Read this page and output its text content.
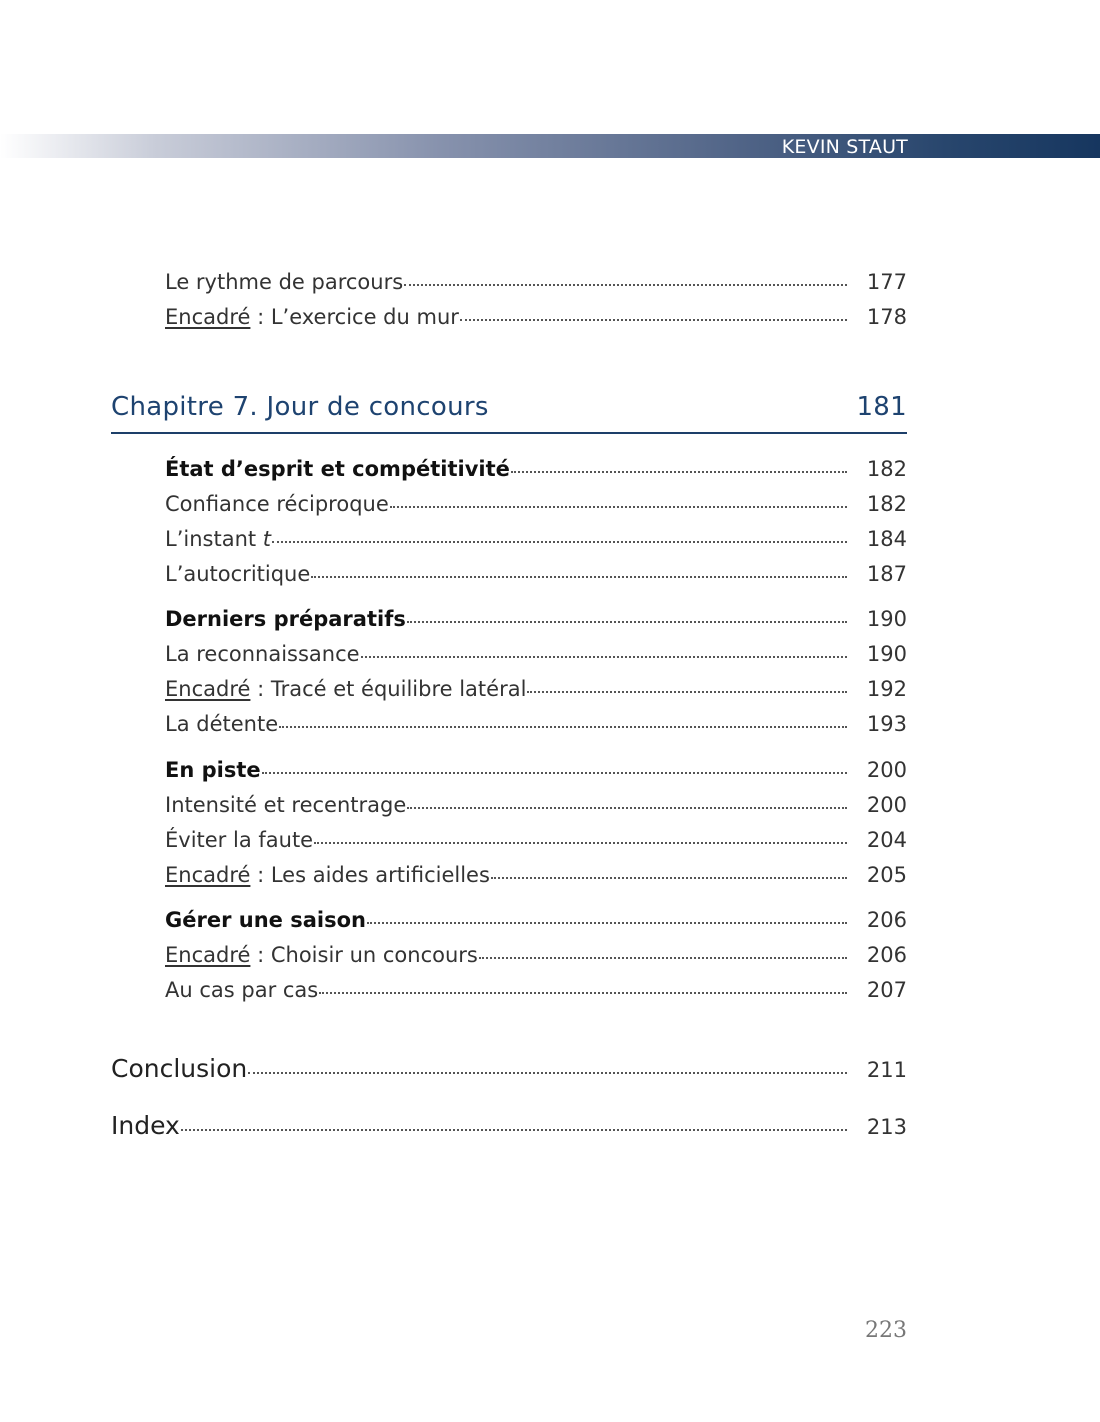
KEVIN STAUT
Le rythme de parcours	177
Encadré : L’exercice du mur	178
Chapitre 7. Jour de concours	181
État d’esprit et compétitivité	182
Confiance réciproque	182
L’instant t	184
L’autocritique	187
Derniers préparatifs	190
La reconnaissance	190
Encadré : Tracé et équilibre latéral	192
La détente	193
En piste	200
Intensité et recentrage	200
Éviter la faute	204
Encadré : Les aides artificielles	205
Gérer une saison	206
Encadré : Choisir un concours	206
Au cas par cas	207
Conclusion	211
Index	213
223
